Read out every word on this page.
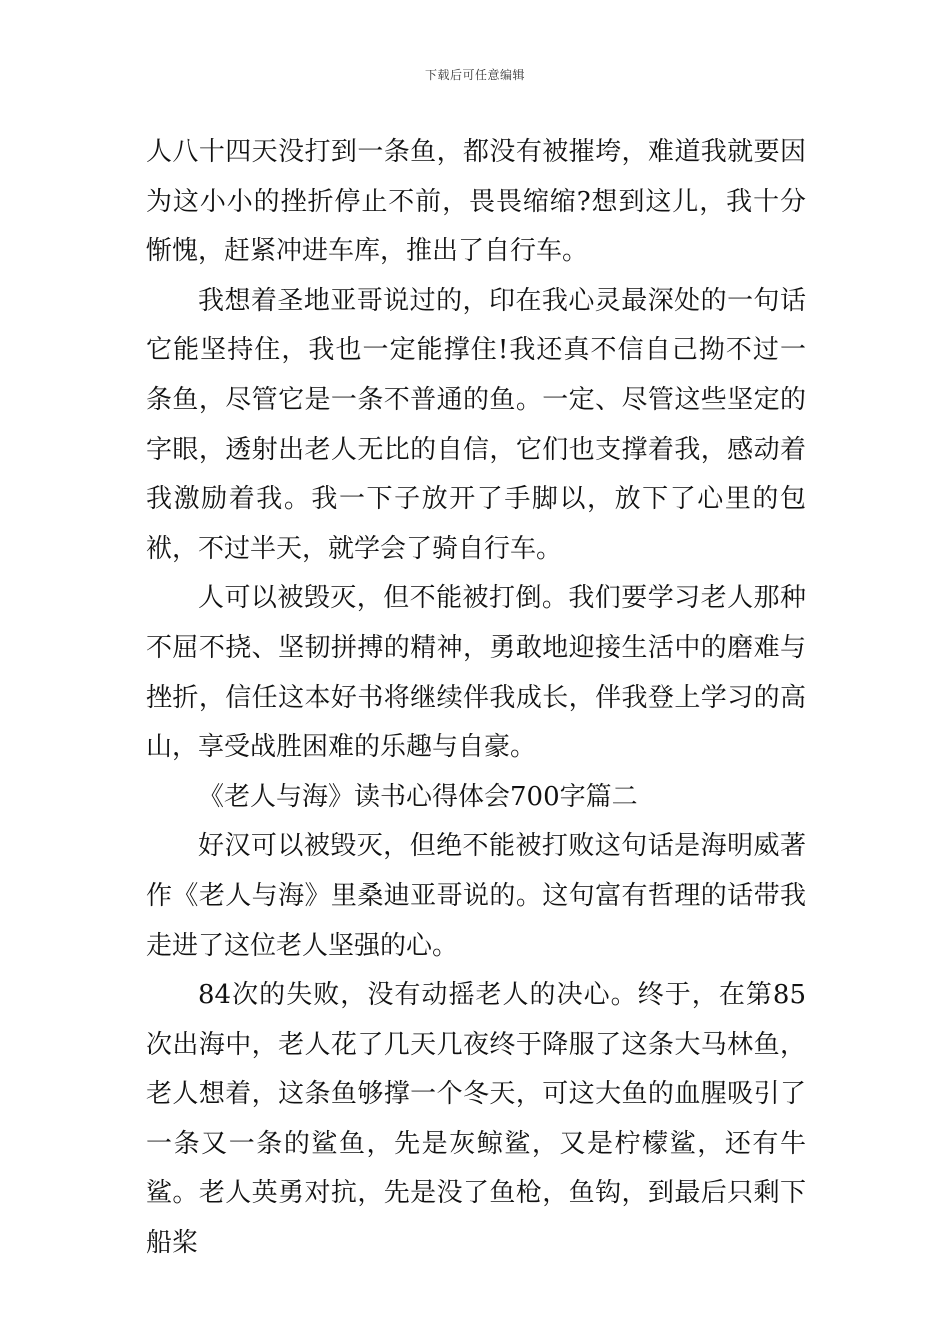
下载后可任意编辑

人八十四天没打到一条鱼，都没有被摧垮，难道我就要因为这小小的挫折停止不前，畏畏缩缩?想到这儿，我十分惭愧，赶紧冲进车库，推出了自行车。

我想着圣地亚哥说过的，印在我心灵最深处的一句话它能坚持住，我也一定能撑住!我还真不信自己拗不过一条鱼，尽管它是一条不普通的鱼。一定、尽管这些坚定的字眼，透射出老人无比的自信，它们也支撑着我，感动着我激励着我。我一下子放开了手脚以，放下了心里的包袱，不过半天，就学会了骑自行车。

人可以被毁灭，但不能被打倒。我们要学习老人那种不屈不挠、坚韧拼搏的精神，勇敢地迎接生活中的磨难与挫折，信任这本好书将继续伴我成长，伴我登上学习的高山，享受战胜困难的乐趣与自豪。

《老人与海》读书心得体会700字篇二

好汉可以被毁灭，但绝不能被打败这句话是海明威著作《老人与海》里桑迪亚哥说的。这句富有哲理的话带我走进了这位老人坚强的心。

84次的失败，没有动摇老人的决心。终于，在第85次出海中，老人花了几天几夜终于降服了这条大马林鱼，老人想着，这条鱼够撑一个冬天，可这大鱼的血腥吸引了一条又一条的鲨鱼，先是灰鲸鲨，又是柠檬鲨，还有牛鲨。老人英勇对抗，先是没了鱼枪，鱼钩，到最后只剩下船桨
